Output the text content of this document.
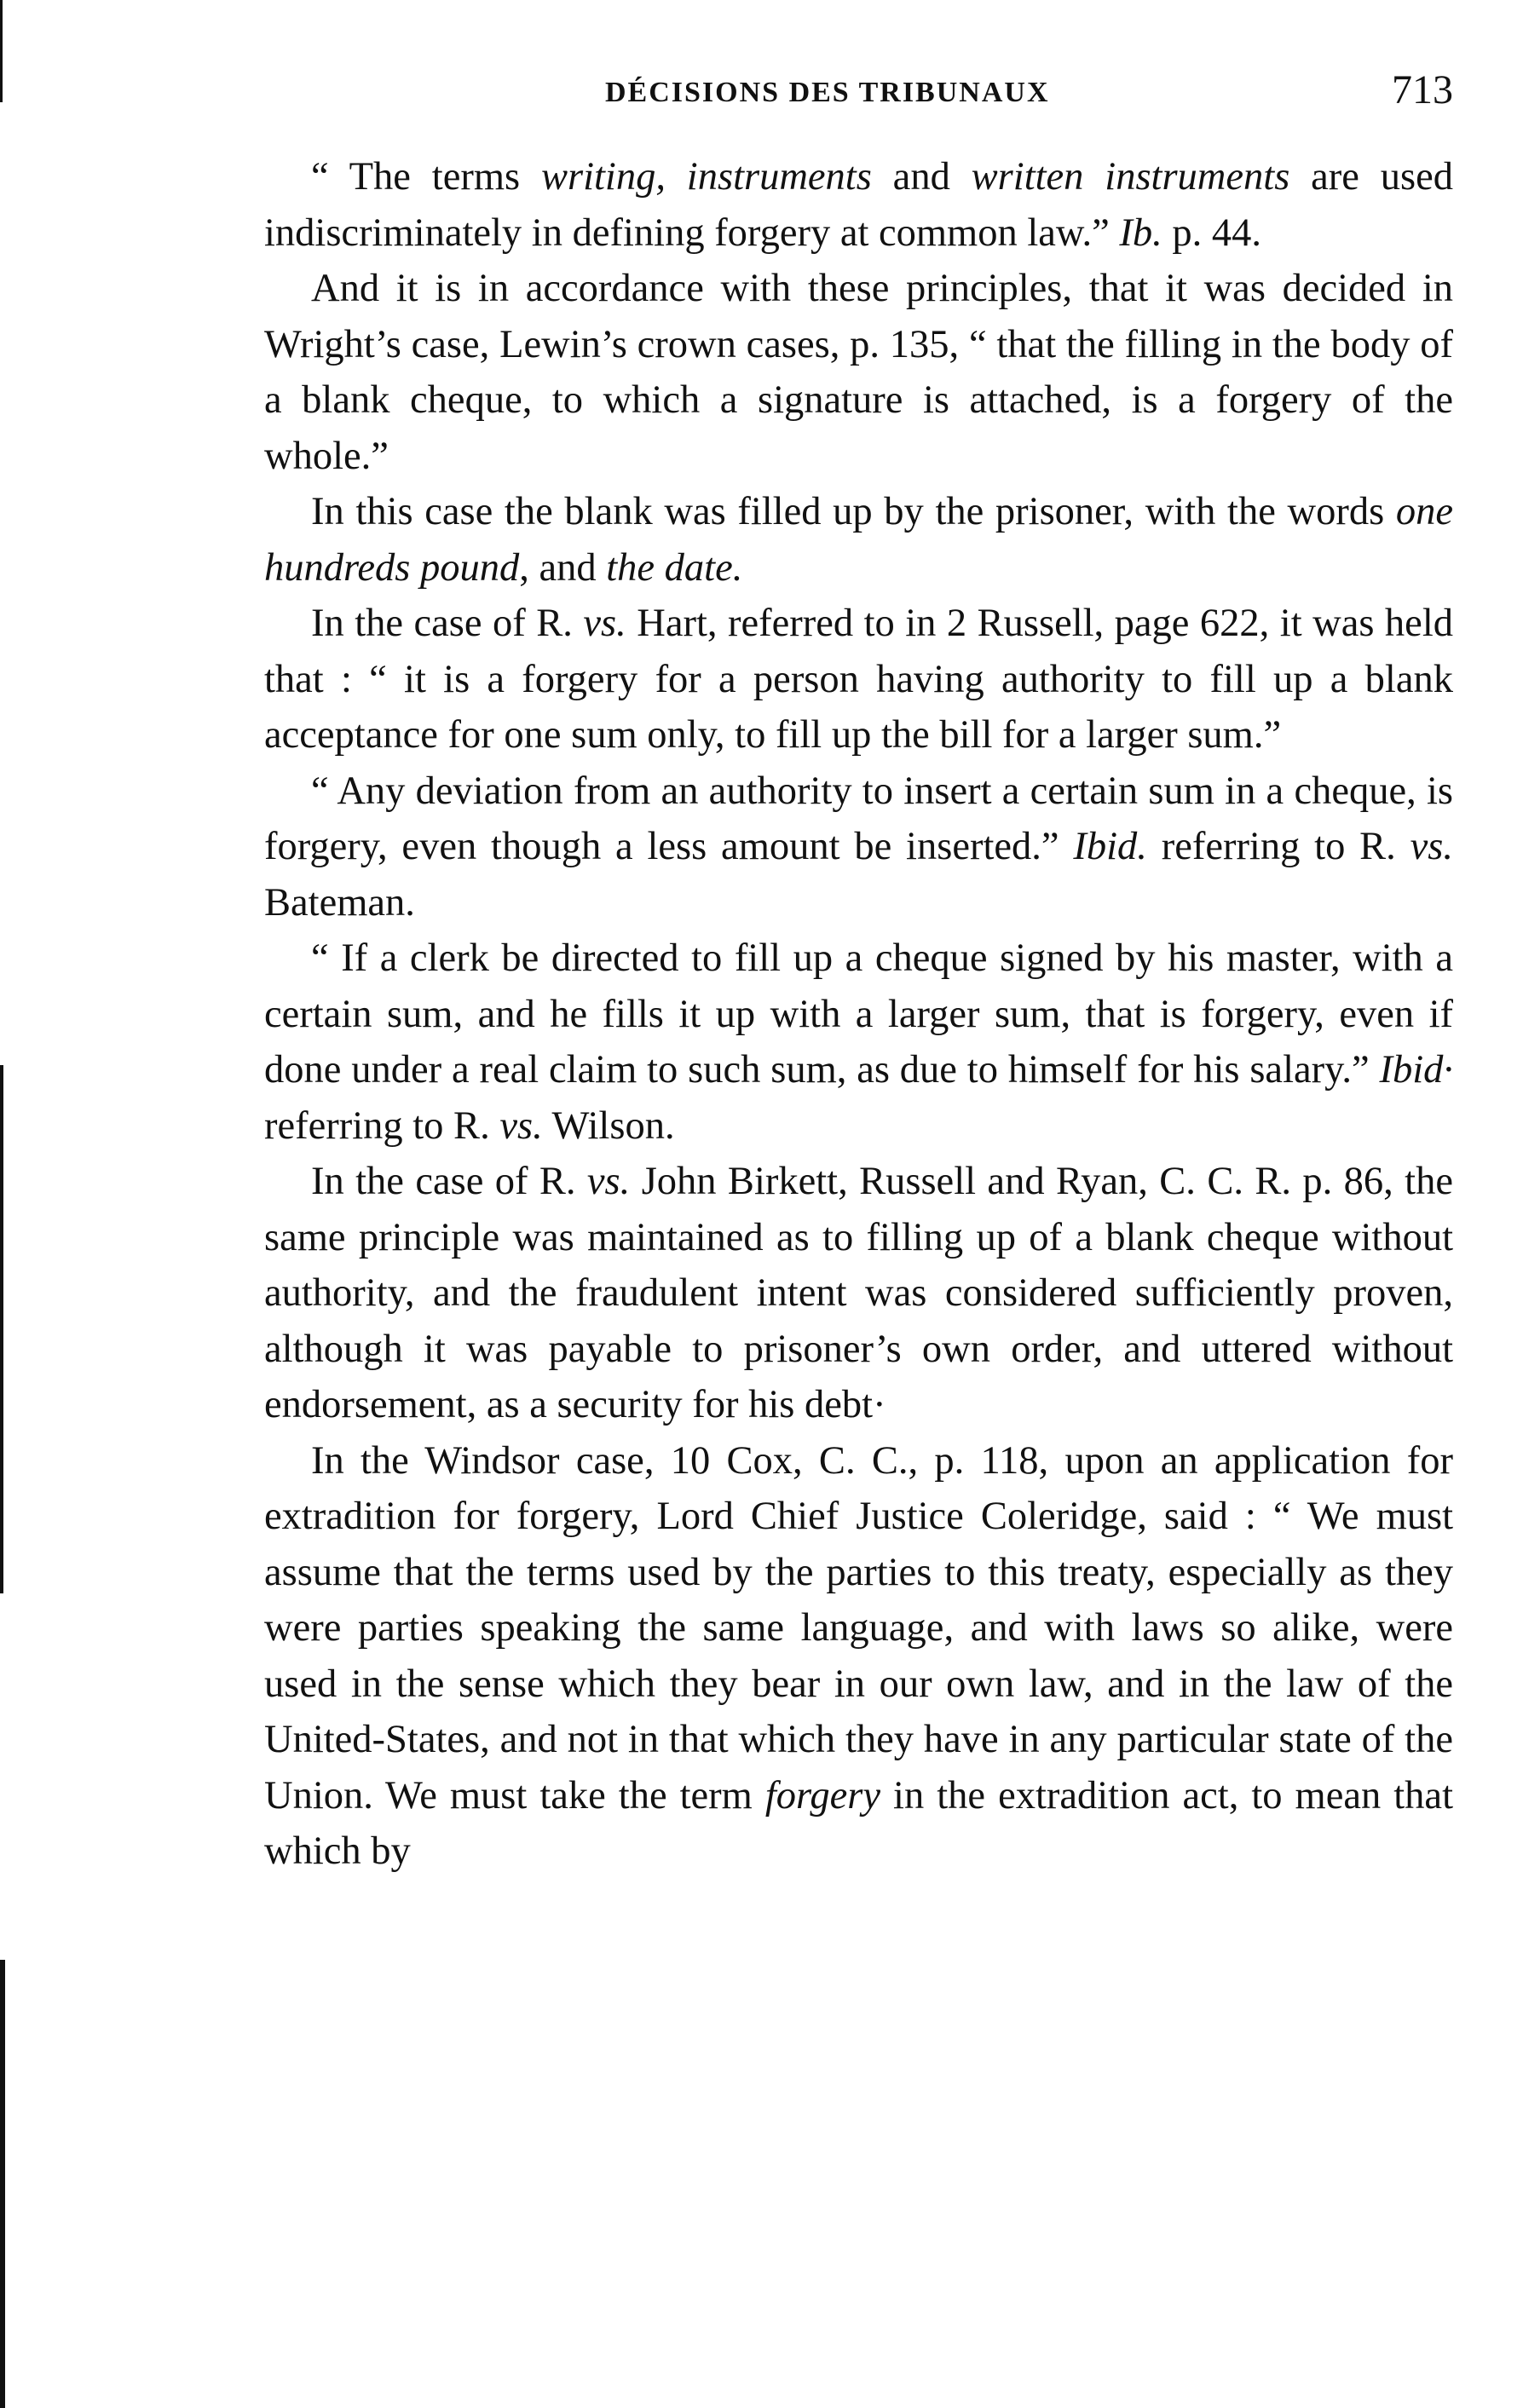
DÉCISIONS DES TRIBUNAUX	713

“ The terms writing, instruments and written instruments are used indiscriminately in defining forgery at common law.” Ib. p. 44.

And it is in accordance with these principles, that it was decided in Wright’s case, Lewin’s crown cases, p. 135, “ that the filling in the body of a blank cheque, to which a signature is attached, is a forgery of the whole.”

In this case the blank was filled up by the prisoner, with the words one hundreds pound, and the date.

In the case of R. vs. Hart, referred to in 2 Russell, page 622, it was held that : “ it is a forgery for a person having authority to fill up a blank acceptance for one sum only, to fill up the bill for a larger sum.”

“ Any deviation from an authority to insert a certain sum in a cheque, is forgery, even though a less amount be inserted.” Ibid. referring to R. vs. Bateman.

“ If a clerk be directed to fill up a cheque signed by his master, with a certain sum, and he fills it up with a larger sum, that is forgery, even if done under a real claim to such sum, as due to himself for his salary.” Ibid· referring to R. vs. Wilson.

In the case of R. vs. John Birkett, Russell and Ryan, C. C. R. p. 86, the same principle was maintained as to filling up of a blank cheque without authority, and the fraudulent intent was considered sufficiently proven, although it was payable to prisoner’s own order, and uttered without endorsement, as a security for his debt·

In the Windsor case, 10 Cox, C. C., p. 118, upon an application for extradition for forgery, Lord Chief Justice Coleridge, said : “ We must assume that the terms used by the parties to this treaty, especially as they were parties speaking the same language, and with laws so alike, were used in the sense which they bear in our own law, and in the law of the United-States, and not in that which they have in any particular state of the Union. We must take the term forgery in the extradition act, to mean that which by
